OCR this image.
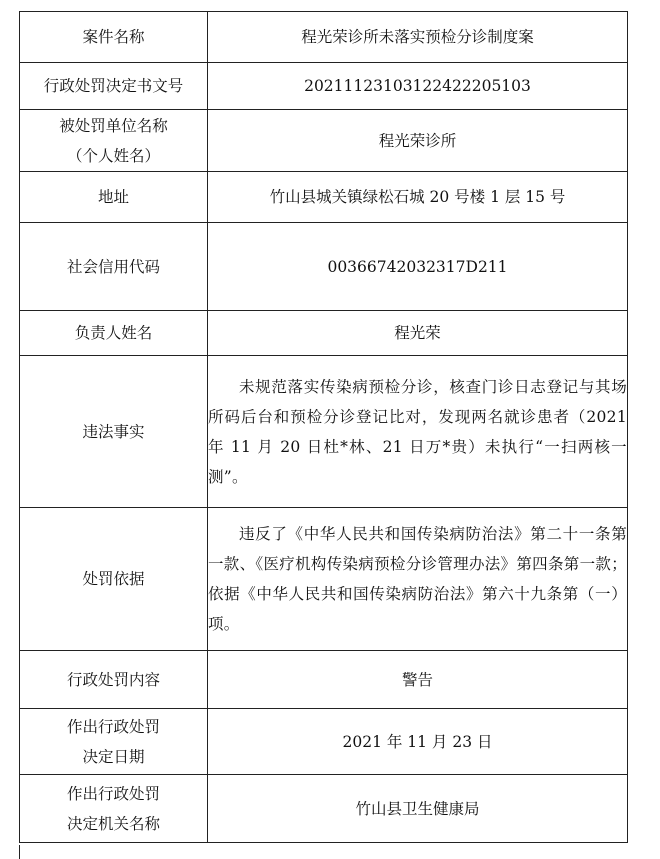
案件名称	程光荣诊所未落实预检分诊制度案
行政处罚决定书文号	20211123103122422205103

被处罚单位名称
（个人姓名）	程光荣诊所
地址	竹山县城关镇绿松石城 20 号楼 1 层 15 号
社会信用代码	00366742032317D211
负责人姓名	程光荣
违法事实	未规范落实传染病预检分诊，核查门诊日志登记与其场所码后台和预检分诊登记比对，发现两名就诊患者（2021 年 11 月 20 日杜*林、21 日万*贵）未执行“一扫两核一测”。
处罚依据	违反了《中华人民共和国传染病防治法》第二十一条第一款、《医疗机构传染病预检分诊管理办法》第四条第一款；依据《中华人民共和国传染病防治法》第六十九条第（一）项。
行政处罚内容	警告

作出行政处罚
决定日期	2021 年 11 月 23 日

作出行政处罚
决定机关名称	竹山县卫生健康局
